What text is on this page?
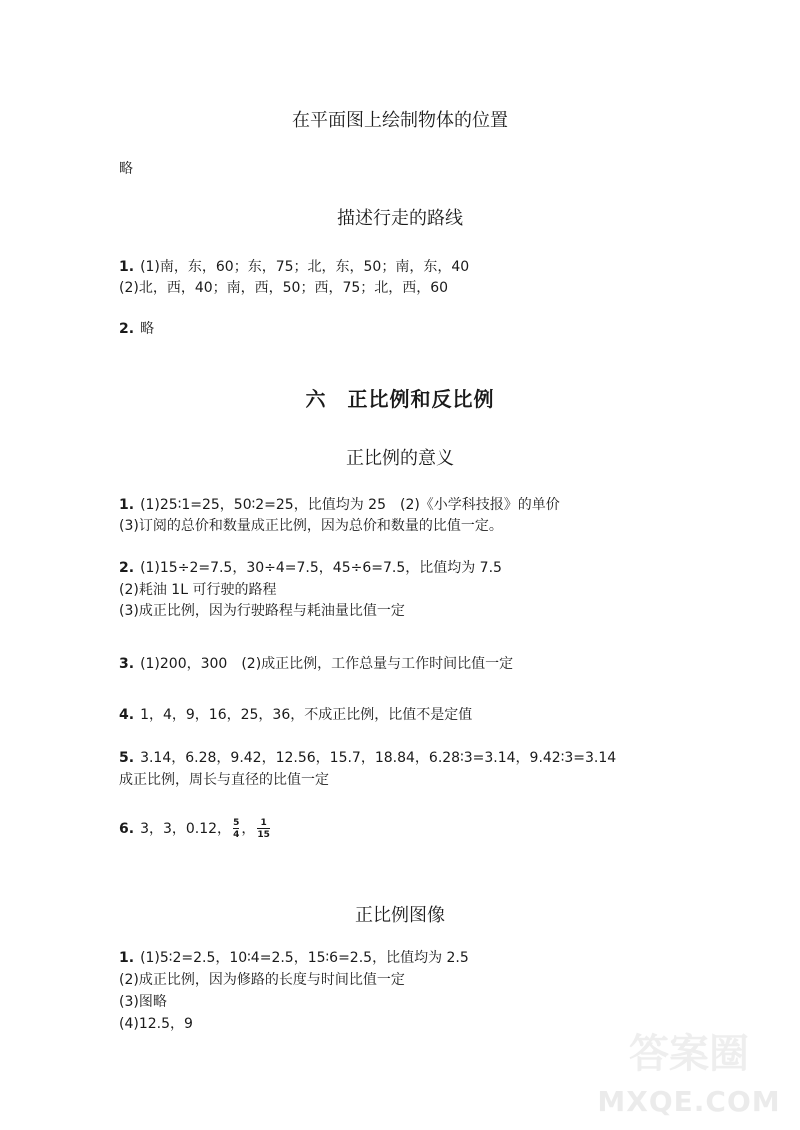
在平面图上绘制物体的位置
略
描述行走的路线
1. (1)南，东，60；东，75；北，东，50；南，东，40
(2)北，西，40；南，西，50；西，75；北，西，60
2. 略
六　正比例和反比例
正比例的意义
1. (1)25∶1=25，50∶2=25，比值均为 25　(2)《小学科技报》的单价
(3)订阅的总价和数量成正比例，因为总价和数量的比值一定。
2. (1)15÷2=7.5，30÷4=7.5，45÷6=7.5，比值均为 7.5
(2)耗油 1L 可行驶的路程
(3)成正比例，因为行驶路程与耗油量比值一定
3. (1)200，300　(2)成正比例，工作总量与工作时间比值一定
4. 1，4，9，16，25，36，不成正比例，比值不是定值
5. 3.14，6.28，9.42，12.56，15.7，18.84，6.28∶3=3.14，9.42∶3=3.14
成正比例，周长与直径的比值一定
6. 3，3，0.12， $\frac{5}{4}$ ， $\frac{1}{15}$
正比例图像
1. (1)5∶2=2.5，10∶4=2.5，15∶6=2.5，比值均为 2.5
(2)成正比例，因为修路的长度与时间比值一定
(3)图略
(4)12.5，9
答案圈
MXQE.COM
